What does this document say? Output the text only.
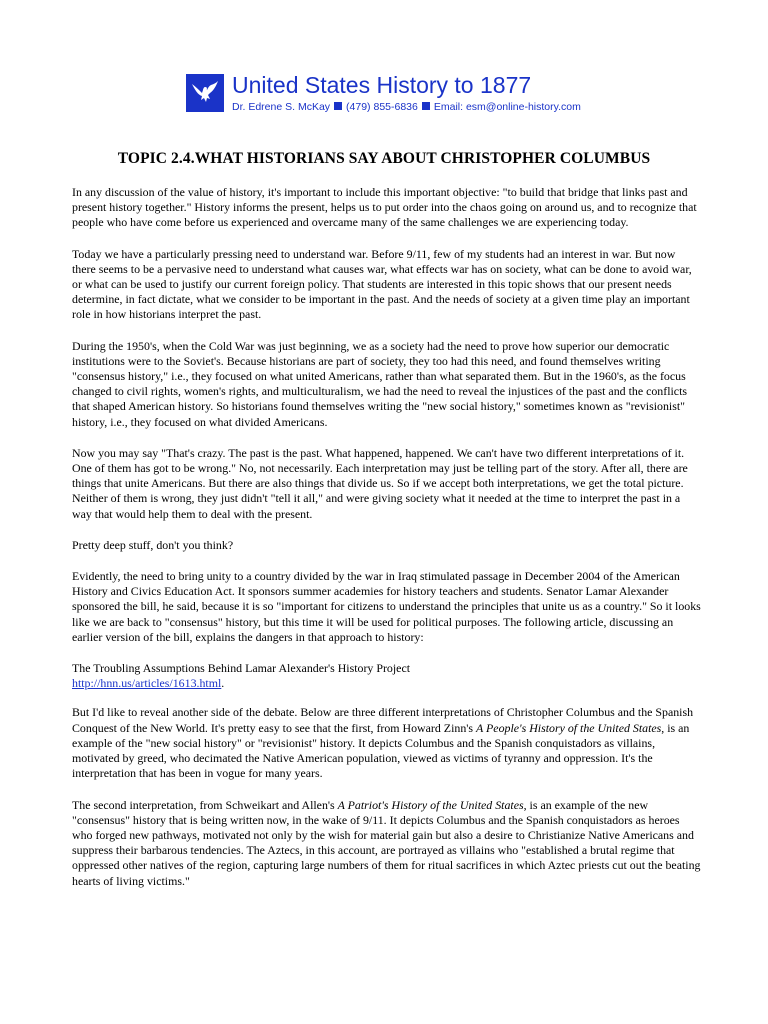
United States History to 1877
Dr. Edrene S. McKay (479) 855-6836 Email: esm@online-history.com
TOPIC 2.4.WHAT HISTORIANS SAY ABOUT CHRISTOPHER COLUMBUS

In any discussion of the value of history, it's important to include this important objective: "to build that bridge that links past and present history together." History informs the present, helps us to put order into the chaos going on around us, and to recognize that people who have come before us experienced and overcame many of the same challenges we are experiencing today.

Today we have a particularly pressing need to understand war. Before 9/11, few of my students had an interest in war. But now there seems to be a pervasive need to understand what causes war, what effects war has on society, what can be done to avoid war, or what can be used to justify our current foreign policy. That students are interested in this topic shows that our present needs determine, in fact dictate, what we consider to be important in the past. And the needs of society at a given time play an important role in how historians interpret the past.

During the 1950's, when the Cold War was just beginning, we as a society had the need to prove how superior our democratic institutions were to the Soviet's. Because historians are part of society, they too had this need, and found themselves writing "consensus history," i.e., they focused on what united Americans, rather than what separated them. But in the 1960's, as the focus changed to civil rights, women's rights, and multiculturalism, we had the need to reveal the injustices of the past and the conflicts that shaped American history. So historians found themselves writing the "new social history," sometimes known as "revisionist" history, i.e., they focused on what divided Americans.

Now you may say "That's crazy. The past is the past. What happened, happened. We can't have two different interpretations of it. One of them has got to be wrong." No, not necessarily. Each interpretation may just be telling part of the story. After all, there are things that unite Americans. But there are also things that divide us. So if we accept both interpretations, we get the total picture. Neither of them is wrong, they just didn't "tell it all," and were giving society what it needed at the time to interpret the past in a way that would help them to deal with the present.

Pretty deep stuff, don't you think?

Evidently, the need to bring unity to a country divided by the war in Iraq stimulated passage in December 2004 of the American History and Civics Education Act. It sponsors summer academies for history teachers and students. Senator Lamar Alexander sponsored the bill, he said, because it is so "important for citizens to understand the principles that unite us as a country." So it looks like we are back to "consensus" history, but this time it will be used for political purposes. The following article, discussing an earlier version of the bill, explains the dangers in that approach to history:

The Troubling Assumptions Behind Lamar Alexander's History Project
http://hnn.us/articles/1613.html.

But I'd like to reveal another side of the debate. Below are three different interpretations of Christopher Columbus and the Spanish Conquest of the New World. It's pretty easy to see that the first, from Howard Zinn's A People's History of the United States, is an example of the "new social history" or "revisionist" history. It depicts Columbus and the Spanish conquistadors as villains, motivated by greed, who decimated the Native American population, viewed as victims of tyranny and oppression. It's the interpretation that has been in vogue for many years.

The second interpretation, from Schweikart and Allen's A Patriot's History of the United States, is an example of the new "consensus" history that is being written now, in the wake of 9/11. It depicts Columbus and the Spanish conquistadors as heroes who forged new pathways, motivated not only by the wish for material gain but also a desire to Christianize Native Americans and suppress their barbarous tendencies. The Aztecs, in this account, are portrayed as villains who "established a brutal regime that oppressed other natives of the region, capturing large numbers of them for ritual sacrifices in which Aztec priests cut out the beating hearts of living victims."
